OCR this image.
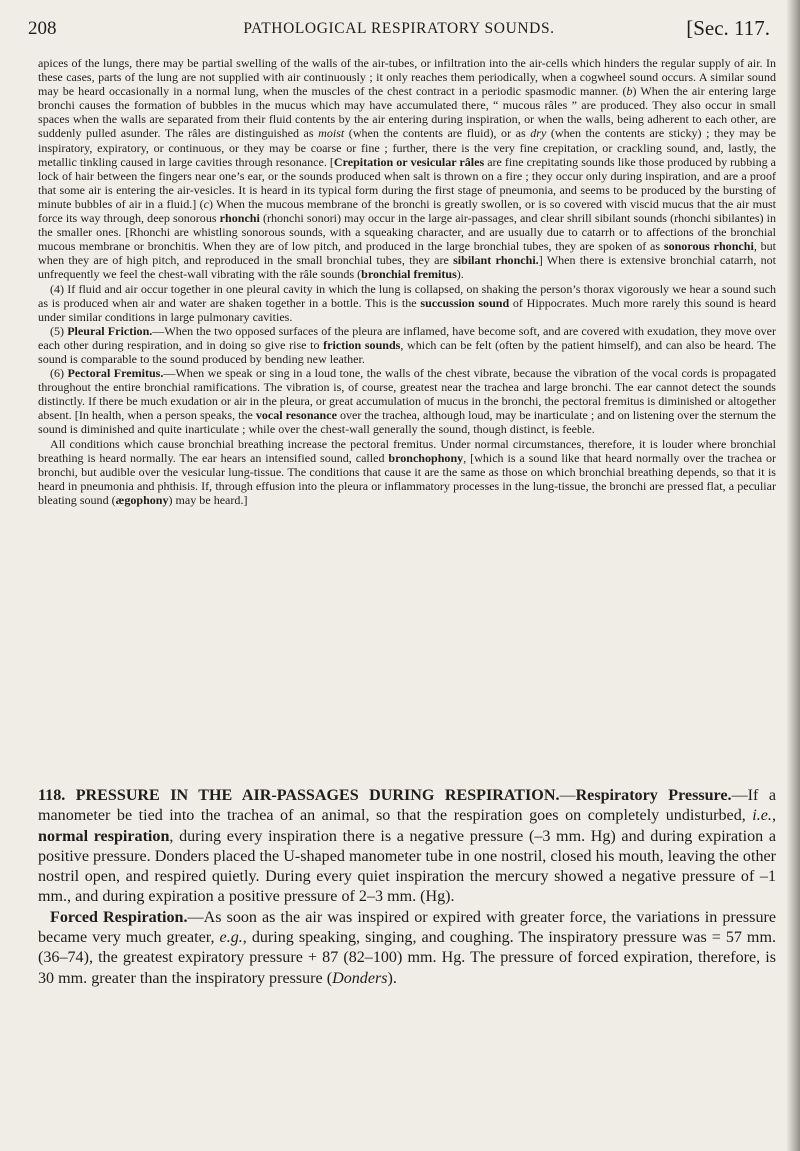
208	PATHOLOGICAL RESPIRATORY SOUNDS.	[Sec. 117.

apices of the lungs, there may be partial swelling of the walls of the air-tubes, or infiltration into the air-cells which hinders the regular supply of air. In these cases, parts of the lung are not supplied with air continuously ; it only reaches them periodically, when a cogwheel sound occurs. A similar sound may be heard occasionally in a normal lung, when the muscles of the chest contract in a periodic spasmodic manner. (b) When the air entering large bronchi causes the formation of bubbles in the mucus which may have accumulated there, “ mucous râles ” are produced. They also occur in small spaces when the walls are separated from their fluid contents by the air entering during inspiration, or when the walls, being adherent to each other, are suddenly pulled asunder. The râles are distinguished as moist (when the contents are fluid), or as dry (when the contents are sticky) ; they may be inspiratory, expiratory, or continuous, or they may be coarse or fine ; further, there is the very fine crepitation, or crackling sound, and, lastly, the metallic tinkling caused in large cavities through resonance. [Crepitation or vesicular râles are fine crepitating sounds like those produced by rubbing a lock of hair between the fingers near one’s ear, or the sounds produced when salt is thrown on a fire ; they occur only during inspiration, and are a proof that some air is entering the air-vesicles. It is heard in its typical form during the first stage of pneumonia, and seems to be produced by the bursting of minute bubbles of air in a fluid.] (c) When the mucous membrane of the bronchi is greatly swollen, or is so covered with viscid mucus that the air must force its way through, deep sonorous rhonchi (rhonchi sonori) may occur in the large air-passages, and clear shrill sibilant sounds (rhonchi sibilantes) in the smaller ones. [Rhonchi are whistling sonorous sounds, with a squeaking character, and are usually due to catarrh or to affections of the bronchial mucous membrane or bronchitis. When they are of low pitch, and produced in the large bronchial tubes, they are spoken of as sonorous rhonchi, but when they are of high pitch, and reproduced in the small bronchial tubes, they are sibilant rhonchi.] When there is extensive bronchial catarrh, not unfrequently we feel the chest-wall vibrating with the râle sounds (bronchial fremitus).

(4) If fluid and air occur together in one pleural cavity in which the lung is collapsed, on shaking the person’s thorax vigorously we hear a sound such as is produced when air and water are shaken together in a bottle. This is the succussion sound of Hippocrates. Much more rarely this sound is heard under similar conditions in large pulmonary cavities.

(5) Pleural Friction.—When the two opposed surfaces of the pleura are inflamed, have become soft, and are covered with exudation, they move over each other during respiration, and in doing so give rise to friction sounds, which can be felt (often by the patient himself), and can also be heard. The sound is comparable to the sound produced by bending new leather.

(6) Pectoral Fremitus.—When we speak or sing in a loud tone, the walls of the chest vibrate, because the vibration of the vocal cords is propagated throughout the entire bronchial ramifications. The vibration is, of course, greatest near the trachea and large bronchi. The ear cannot detect the sounds distinctly. If there be much exudation or air in the pleura, or great accumulation of mucus in the bronchi, the pectoral fremitus is diminished or altogether absent. [In health, when a person speaks, the vocal resonance over the trachea, although loud, may be inarticulate ; and on listening over the sternum the sound is diminished and quite inarticulate ; while over the chest-wall generally the sound, though distinct, is feeble.

All conditions which cause bronchial breathing increase the pectoral fremitus. Under normal circumstances, therefore, it is louder where bronchial breathing is heard normally. The ear hears an intensified sound, called bronchophony, [which is a sound like that heard normally over the trachea or bronchi, but audible over the vesicular lung-tissue. The conditions that cause it are the same as those on which bronchial breathing depends, so that it is heard in pneumonia and phthisis. If, through effusion into the pleura or inflammatory processes in the lung-tissue, the bronchi are pressed flat, a peculiar bleating sound (ægophony) may be heard.]

118. PRESSURE IN THE AIR-PASSAGES DURING RESPIRATION.—Respiratory Pressure.—If a manometer be tied into the trachea of an animal, so that the respiration goes on completely undisturbed, i.e., normal respiration, during every inspiration there is a negative pressure (–3 mm. Hg) and during expiration a positive pressure. Donders placed the U-shaped manometer tube in one nostril, closed his mouth, leaving the other nostril open, and respired quietly. During every quiet inspiration the mercury showed a negative pressure of –1 mm., and during expiration a positive pressure of 2–3 mm. (Hg).

Forced Respiration.—As soon as the air was inspired or expired with greater force, the variations in pressure became very much greater, e.g., during speaking, singing, and coughing. The inspiratory pressure was = 57 mm. (36–74), the greatest expiratory pressure + 87 (82–100) mm. Hg. The pressure of forced expiration, therefore, is 30 mm. greater than the inspiratory pressure (Donders).
